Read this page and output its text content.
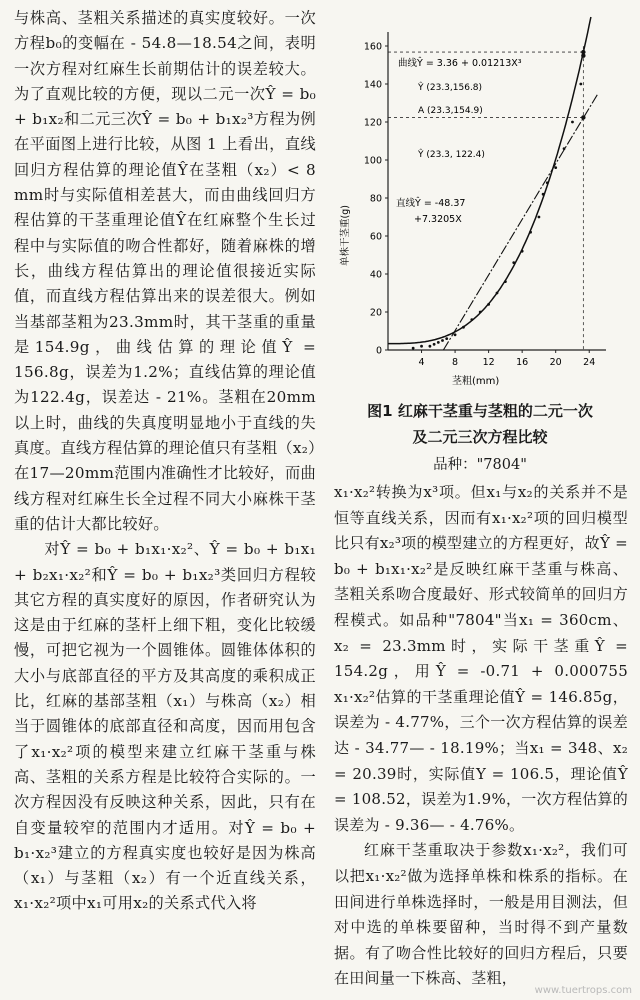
与株高、茎粗关系描述的真实度较好。一次方程b₀的变幅在 - 54.8—18.54之间，表明一次方程对红麻生长前期估计的误差较大。为了直观比较的方便，现以二元一次Ŷ = b₀ + b₁x₂和二元三次Ŷ = b₀ + b₁x₂³方程为例在平面图上进行比较，从图 1 上看出，直线回归方程估算的理论值Ŷ在茎粗（x₂）< 8 mm时与实际值相差甚大，而由曲线回归方程估算的干茎重理论值Ŷ在红麻整个生长过程中与实际值的吻合性都好，随着麻株的增长，曲线方程估算出的理论值很接近实际值，而直线方程估算出来的误差很大。例如当基部茎粗为23.3mm时，其干茎重的重量是154.9g，曲线估算的理论值Ŷ = 156.8g，误差为1.2%；直线估算的理论值为122.4g，误差达 - 21%。茎粗在20mm以上时，曲线的失真度明显地小于直线的失真度。直线方程估算的理论值只有茎粗（x₂）在17—20mm范围内准确性才比较好，而曲线方程对红麻生长全过程不同大小麻株干茎重的估计大都比较好。

对Ŷ = b₀ + b₁x₁·x₂²、Ŷ = b₀ + b₁x₁ + b₂x₁·x₂²和Ŷ = b₀ + b₁x₂³类回归方程较其它方程的真实度好的原因，作者研究认为这是由于红麻的茎杆上细下粗，变化比较缓慢，可把它视为一个圆锥体。圆锥体体积的大小与底部直径的平方及其高度的乘积成正比，红麻的基部茎粗（x₁）与株高（x₂）相当于圆锥体的底部直径和高度，因而用包含了x₁·x₂²项的模型来建立红麻干茎重与株高、茎粗的关系方程是比较符合实际的。一次方程因没有反映这种关系，因此，只有在自变量较窄的范围内才适用。对Ŷ = b₀ + b₁·x₂³建立的方程真实度也较好是因为株高（x₁）与茎粗（x₂）有一个近直线关系，x₁·x₂²项中x₁可用x₂的关系式代入将

0
20
40
60
80
100
120
140
160
4	8	12 16 20 24
曲线Ŷ = 3.36 + 0.01213X³
Ŷ (23.3,156.8)
A (23.3,154.9)
Ŷ (23.3, 122.4)
直线Ŷ = -48.37
+7.3205X
单株干茎重(g)
茎粗(mm)
图1 红麻干茎重与茎粗的二元一次
及二元三次方程比较
品种："7804"

x₁·x₂²转换为x³项。但x₁与x₂的关系并不是恒等直线关系，因而有x₁·x₂²项的回归模型比只有x₂³项的模型建立的方程更好，故Ŷ = b₀ + b₁x₁·x₂²是反映红麻干茎重与株高、茎粗关系吻合度最好、形式较简单的回归方程模式。如品种"7804"当x₁ = 360cm、x₂ = 23.3mm时，实际干茎重Ŷ = 154.2g，用Ŷ = -0.71 + 0.000755 x₁·x₂²估算的干茎重理论值Ŷ = 146.85g，误差为 - 4.77%，三个一次方程估算的误差达 - 34.77— - 18.19%；当x₁ = 348、x₂ = 20.39时，实际值Y = 106.5，理论值Ŷ = 108.52，误差为1.9%，一次方程估算的误差为 - 9.36— - 4.76%。

红麻干茎重取决于参数x₁·x₂²，我们可以把x₁·x₂²做为选择单株和株系的指标。在田间进行单株选择时，一般是用目测法，但对中选的单株要留种，当时得不到产量数据。有了吻合性比较好的回归方程后，只要在田间量一下株高、茎粗，

www.tuertrops.com
